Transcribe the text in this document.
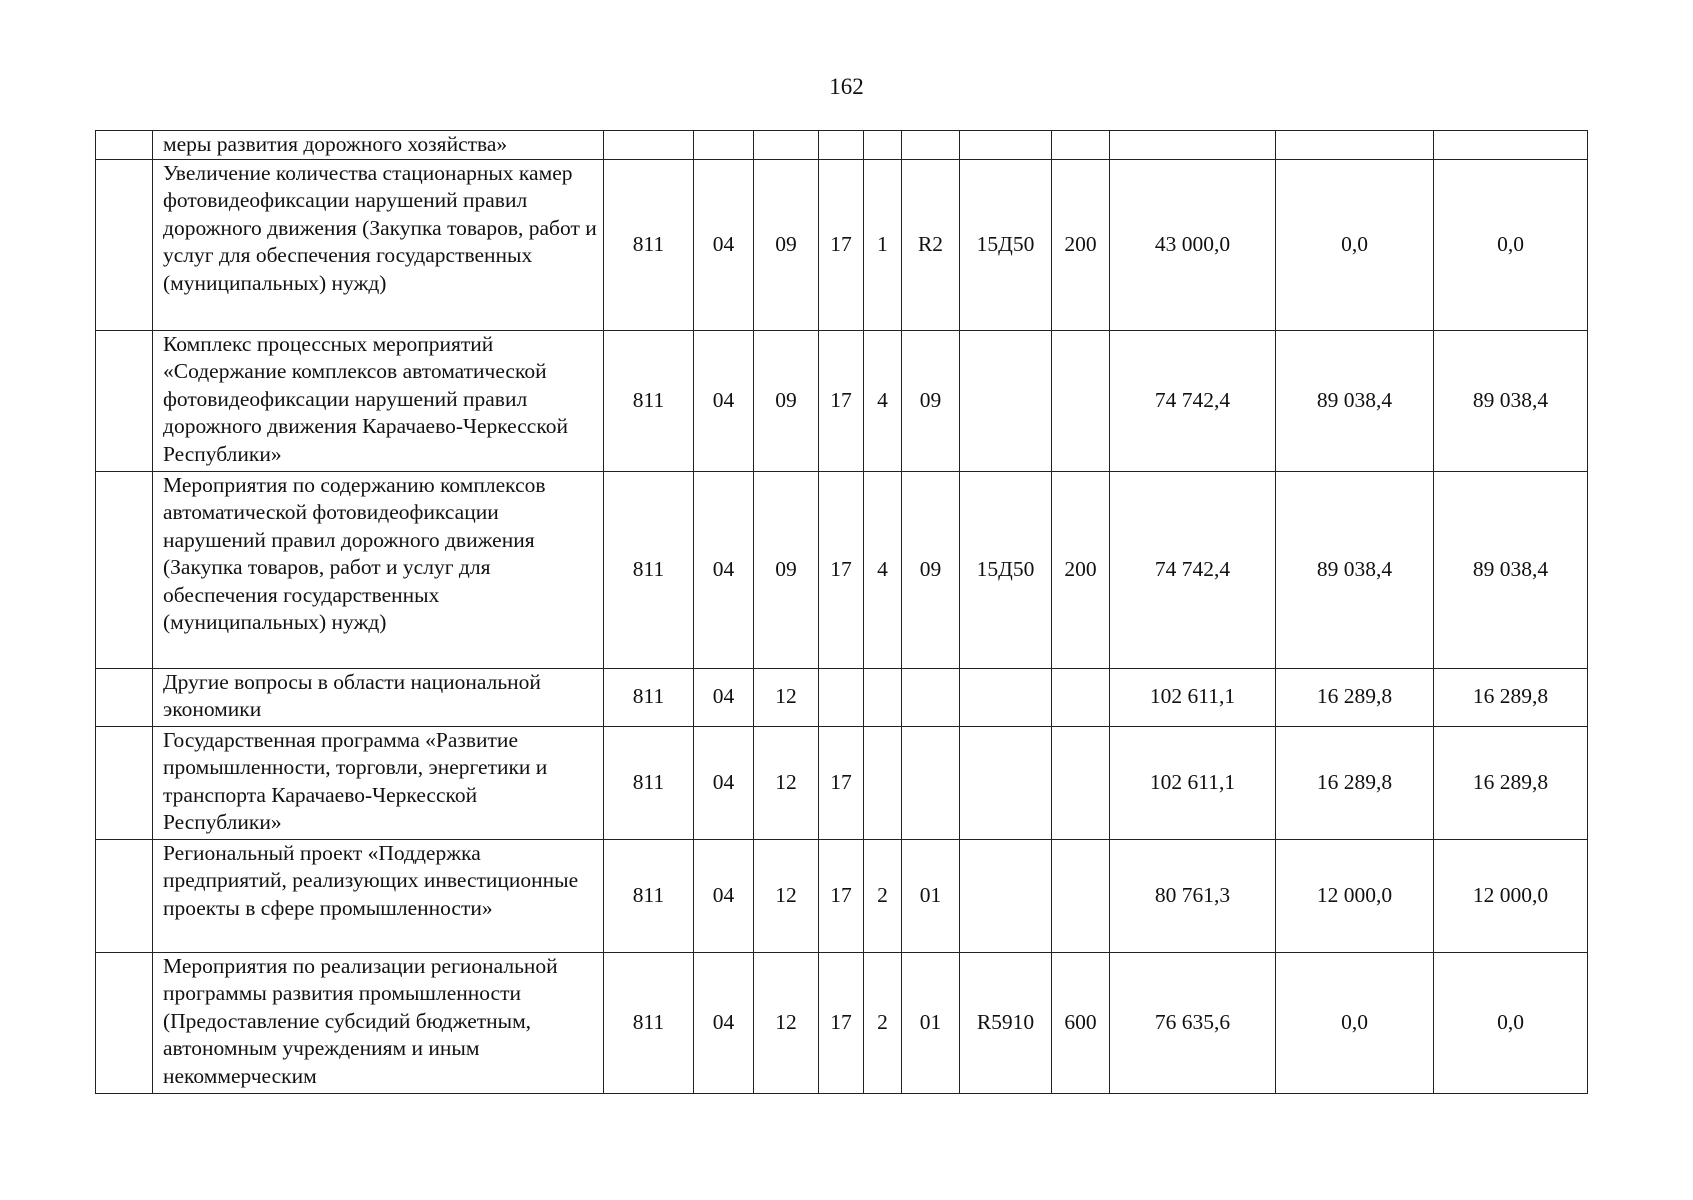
162
	меры развития дорожного хозяйства»											
	Увеличение количества стационарных камер фотовидеофиксации нарушений правил дорожного движения (Закупка товаров, работ и услуг для обеспечения государственных (муниципальных) нужд)	811	04	09	17	1	R2	15Д50	200	43 000,0	0,0	0,0
	Комплекс процессных мероприятий «Содержание комплексов автоматической фотовидеофиксации нарушений правил дорожного движения Карачаево-Черкесской Республики»	811	04	09	17	4	09			74 742,4	89 038,4	89 038,4
	Мероприятия по содержанию комплексов автоматической фотовидеофиксации нарушений правил дорожного движения (Закупка товаров, работ и услуг для обеспечения государственных (муниципальных) нужд)	811	04	09	17	4	09	15Д50	200	74 742,4	89 038,4	89 038,4
	Другие вопросы в области национальной экономики	811	04	12						102 611,1	16 289,8	16 289,8
	Государственная программа «Развитие промышленности, торговли, энергетики и транспорта Карачаево-Черкесской Республики»	811	04	12	17					102 611,1	16 289,8	16 289,8
	Региональный проект «Поддержка предприятий, реализующих инвестиционные проекты в сфере промышленности»	811	04	12	17	2	01			80 761,3	12 000,0	12 000,0
	Мероприятия по реализации региональной программы развития промышленности (Предоставление субсидий бюджетным, автономным учреждениям и иным некоммерческим	811	04	12	17	2	01	R5910	600	76 635,6	0,0	0,0
